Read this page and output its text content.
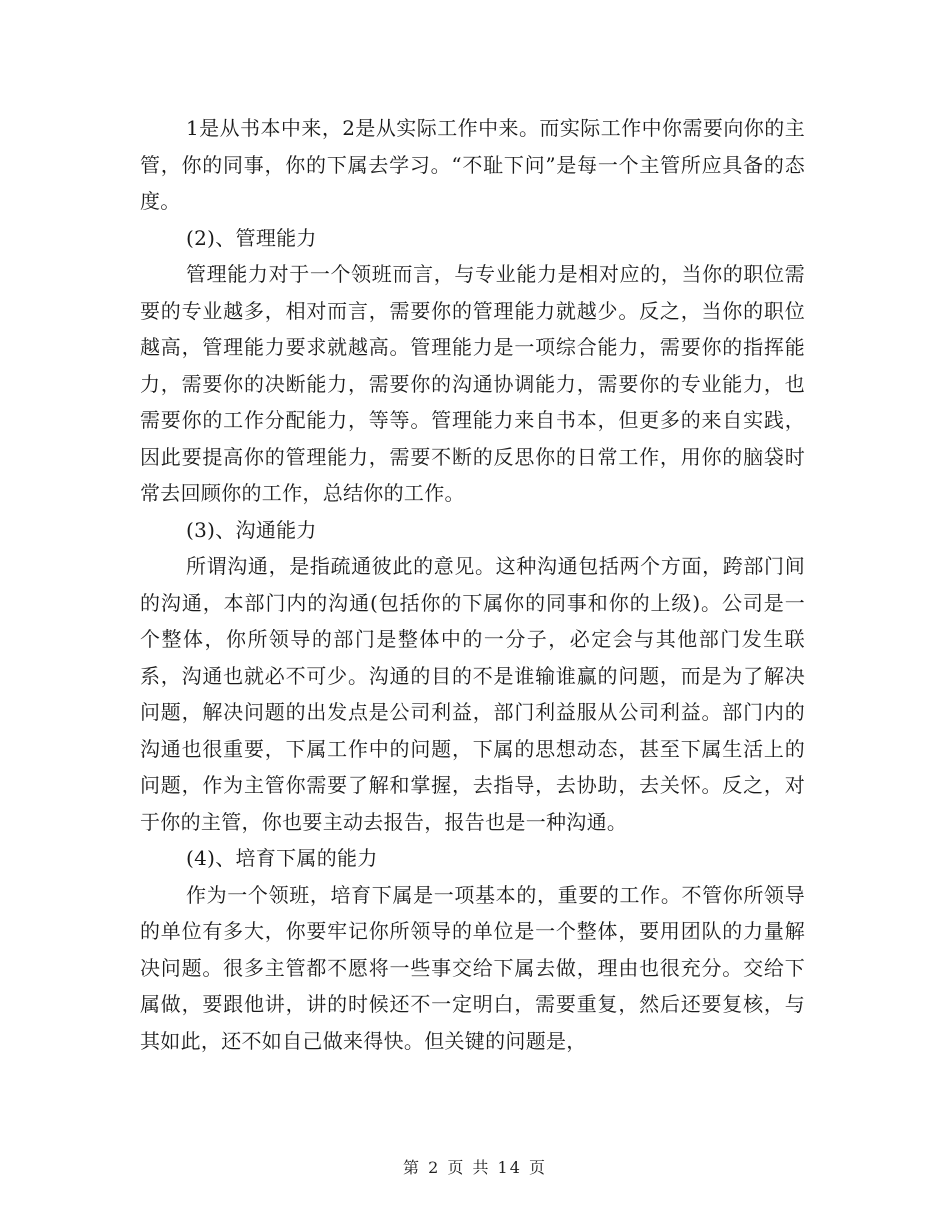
1是从书本中来，2是从实际工作中来。而实际工作中你需要向你的主管，你的同事，你的下属去学习。“不耻下问”是每一个主管所应具备的态度。

(2)、管理能力

管理能力对于一个领班而言，与专业能力是相对应的，当你的职位需要的专业越多，相对而言，需要你的管理能力就越少。反之，当你的职位越高，管理能力要求就越高。管理能力是一项综合能力，需要你的指挥能力，需要你的决断能力，需要你的沟通协调能力，需要你的专业能力，也需要你的工作分配能力，等等。管理能力来自书本，但更多的来自实践，因此要提高你的管理能力，需要不断的反思你的日常工作，用你的脑袋时常去回顾你的工作，总结你的工作。

(3)、沟通能力

所谓沟通，是指疏通彼此的意见。这种沟通包括两个方面，跨部门间的沟通，本部门内的沟通(包括你的下属你的同事和你的上级)。公司是一个整体，你所领导的部门是整体中的一分子，必定会与其他部门发生联系，沟通也就必不可少。沟通的目的不是谁输谁赢的问题，而是为了解决问题，解决问题的出发点是公司利益，部门利益服从公司利益。部门内的沟通也很重要，下属工作中的问题，下属的思想动态，甚至下属生活上的问题，作为主管你需要了解和掌握，去指导，去协助，去关怀。反之，对于你的主管，你也要主动去报告，报告也是一种沟通。

(4)、培育下属的能力

作为一个领班，培育下属是一项基本的，重要的工作。不管你所领导的单位有多大，你要牢记你所领导的单位是一个整体，要用团队的力量解决问题。很多主管都不愿将一些事交给下属去做，理由也很充分。交给下属做，要跟他讲，讲的时候还不一定明白，需要重复，然后还要复核，与其如此，还不如自己做来得快。但关键的问题是，

第 2 页 共 14 页
